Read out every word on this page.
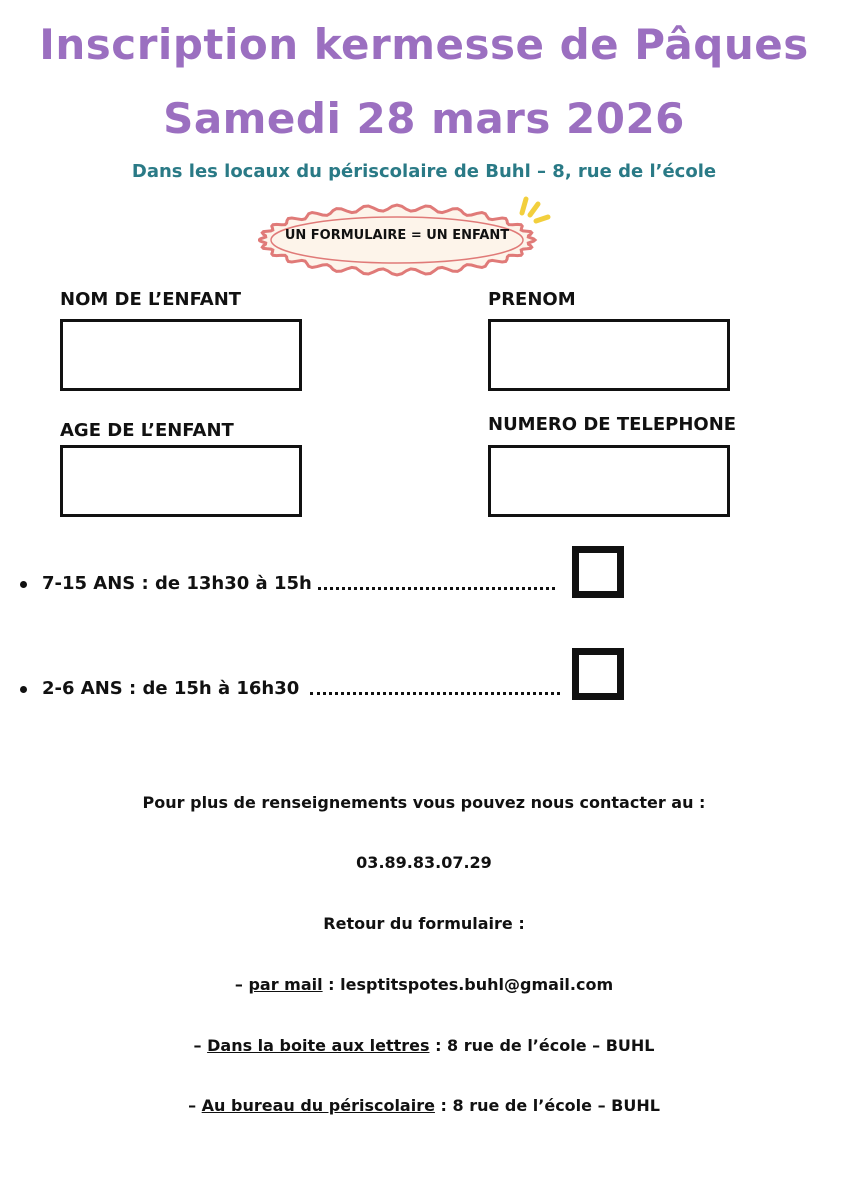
Inscription kermesse de Pâques
Samedi 28 mars 2026

Dans les locaux du périscolaire de Buhl – 8, rue de l’école

UN FORMULAIRE = UN ENFANT
NOM DE L’ENFANT	PRENOM
AGE DE L’ENFANT	NUMERO DE TELEPHONE
7-15 ANS : de 13h30 à 15h
2-6 ANS : de 15h à 16h30

Pour plus de renseignements vous pouvez nous contacter au :

03.89.83.07.29

Retour du formulaire :

– par mail : lesptitspotes.buhl@gmail.com

– Dans la boite aux lettres : 8 rue de l’école – BUHL

– Au bureau du périscolaire : 8 rue de l’école – BUHL
